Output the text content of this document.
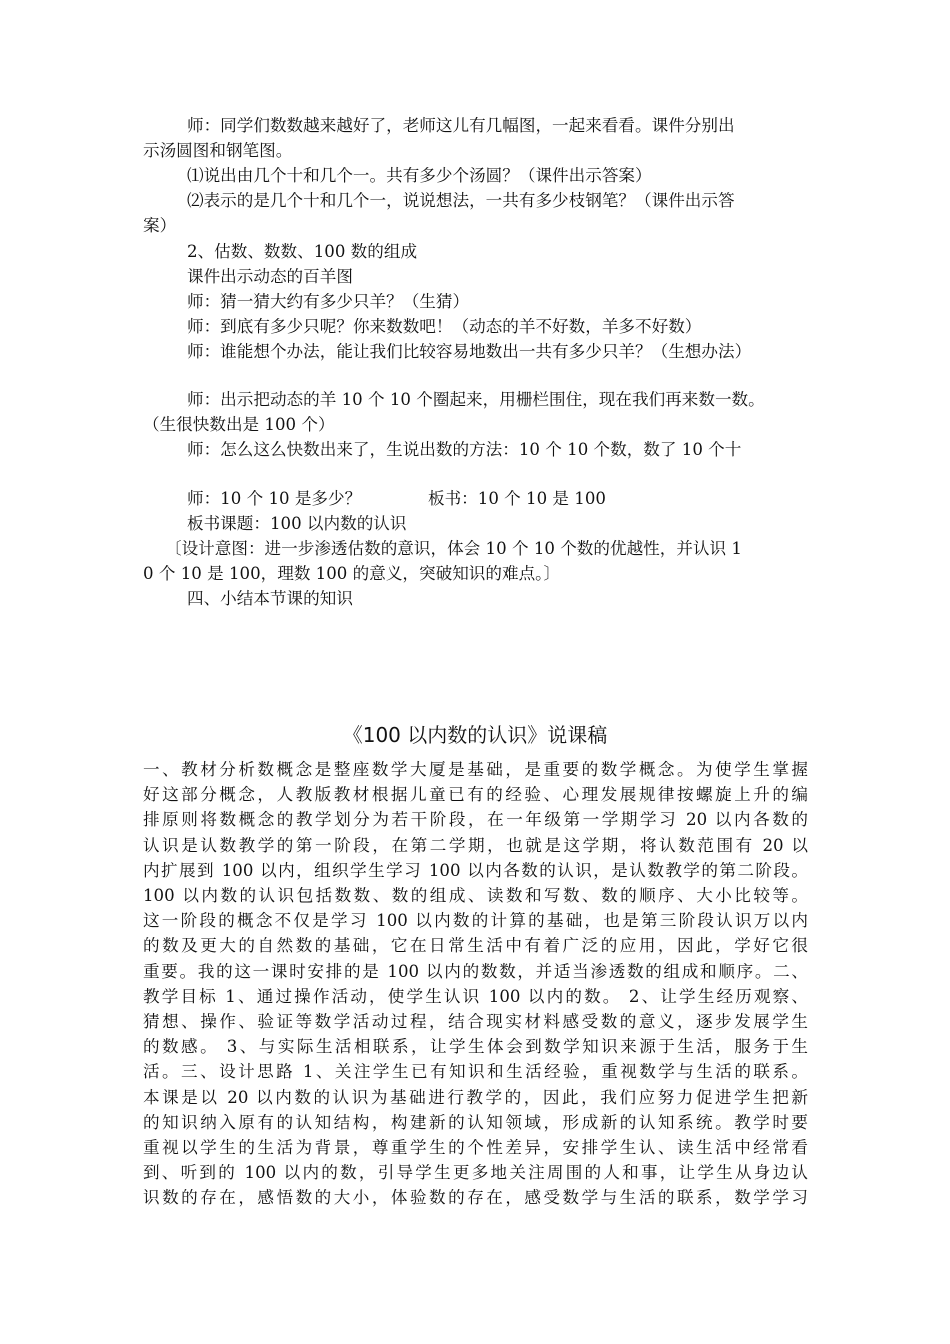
师：同学们数数越来越好了，老师这儿有几幅图，一起来看看。课件分别出
示汤圆图和钢笔图。
⑴说出由几个十和几个一。共有多少个汤圆？（课件出示答案）
⑵表示的是几个十和几个一，说说想法，一共有多少枝钢笔？（课件出示答
案）
2、估数、数数、100 数的组成
课件出示动态的百羊图
师：猜一猜大约有多少只羊？（生猜）
师：到底有多少只呢？你来数数吧！（动态的羊不好数，羊多不好数）
师：谁能想个办法，能让我们比较容易地数出一共有多少只羊？（生想办法）
师：出示把动态的羊 10 个 10 个圈起来，用栅栏围住，现在我们再来数一数。
（生很快数出是 100 个）
师：怎么这么快数出来了，生说出数的方法：10 个 10 个数，数了 10 个十
师：10 个 10 是多少？	板书：10 个 10 是 100
板书课题：100 以内数的认识
〔设计意图：进一步渗透估数的意识，体会 10 个 10 个数的优越性，并认识 1
0 个 10 是 100，理数 100 的意义，突破知识的难点。〕
四、小结本节课的知识
《100 以内数的认识》说课稿
一、教材分析数概念是整座数学大厦是基础，是重要的数学概念。为使学生掌握
好这部分概念，人教版教材根据儿童已有的经验、心理发展规律按螺旋上升的编
排原则将数概念的教学划分为若干阶段，在一年级第一学期学习 20 以内各数的
认识是认数教学的第一阶段，在第二学期，也就是这学期，将认数范围有 20 以
内扩展到 100 以内，组织学生学习 100 以内各数的认识，是认数教学的第二阶段。
100 以内数的认识包括数数、数的组成、读数和写数、数的顺序、大小比较等。
这一阶段的概念不仅是学习 100 以内数的计算的基础，也是第三阶段认识万以内
的数及更大的自然数的基础，它在日常生活中有着广泛的应用，因此，学好它很
重要。我的这一课时安排的是 100 以内的数数，并适当渗透数的组成和顺序。二、
教学目标 1、通过操作活动，使学生认识 100 以内的数。 2、让学生经历观察、
猜想、操作、验证等数学活动过程，结合现实材料感受数的意义，逐步发展学生
的数感。 3、与实际生活相联系，让学生体会到数学知识来源于生活，服务于生
活。三、设计思路 1、关注学生已有知识和生活经验，重视数学与生活的联系。
本课是以 20 以内数的认识为基础进行教学的，因此，我们应努力促进学生把新
的知识纳入原有的认知结构，构建新的认知领域，形成新的认知系统。教学时要
重视以学生的生活为背景，尊重学生的个性差异，安排学生认、读生活中经常看
到、听到的 100 以内的数，引导学生更多地关注周围的人和事，让学生从身边认
识数的存在，感悟数的大小，体验数的存在，感受数学与生活的联系，数学学习
